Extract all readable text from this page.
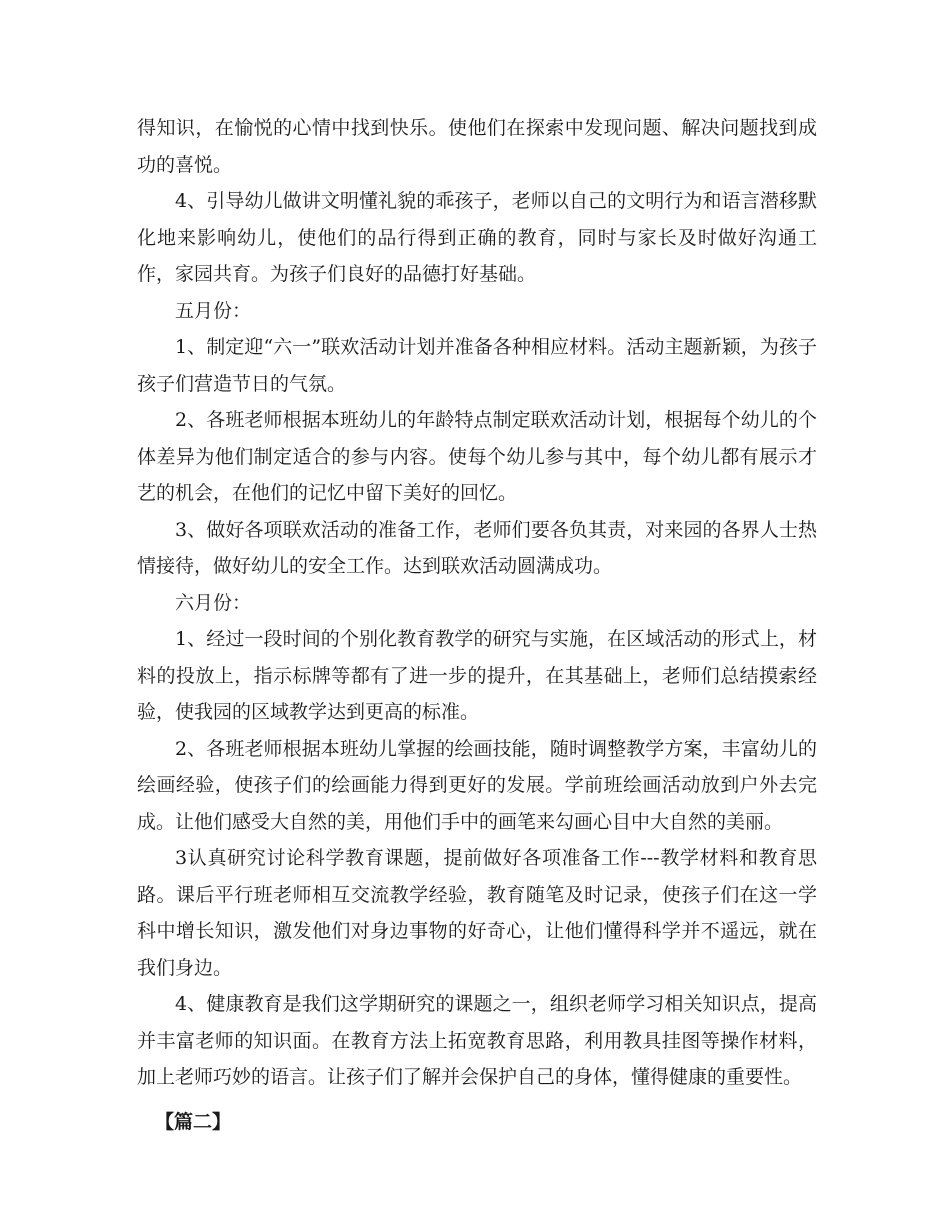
得知识，在愉悦的心情中找到快乐。使他们在探索中发现问题、解决问题找到成功的喜悦。

4、引导幼儿做讲文明懂礼貌的乖孩子，老师以自己的文明行为和语言潜移默化地来影响幼儿，使他们的品行得到正确的教育，同时与家长及时做好沟通工作，家园共育。为孩子们良好的品德打好基础。

五月份：

1、制定迎“六一”联欢活动计划并准备各种相应材料。活动主题新颖，为孩子孩子们营造节日的气氛。

2、各班老师根据本班幼儿的年龄特点制定联欢活动计划，根据每个幼儿的个体差异为他们制定适合的参与内容。使每个幼儿参与其中，每个幼儿都有展示才艺的机会，在他们的记忆中留下美好的回忆。

3、做好各项联欢活动的准备工作，老师们要各负其责，对来园的各界人士热情接待，做好幼儿的安全工作。达到联欢活动圆满成功。

六月份：

1、经过一段时间的个别化教育教学的研究与实施，在区域活动的形式上，材料的投放上，指示标牌等都有了进一步的提升，在其基础上，老师们总结摸索经验，使我园的区域教学达到更高的标准。

2、各班老师根据本班幼儿掌握的绘画技能，随时调整教学方案，丰富幼儿的绘画经验，使孩子们的绘画能力得到更好的发展。学前班绘画活动放到户外去完成。让他们感受大自然的美，用他们手中的画笔来勾画心目中大自然的美丽。

3认真研究讨论科学教育课题，提前做好各项准备工作---教学材料和教育思路。课后平行班老师相互交流教学经验，教育随笔及时记录，使孩子们在这一学科中增长知识，激发他们对身边事物的好奇心，让他们懂得科学并不遥远，就在我们身边。

4、健康教育是我们这学期研究的课题之一，组织老师学习相关知识点，提高并丰富老师的知识面。在教育方法上拓宽教育思路，利用教具挂图等操作材料，加上老师巧妙的语言。让孩子们了解并会保护自己的身体，懂得健康的重要性。

【篇二】
